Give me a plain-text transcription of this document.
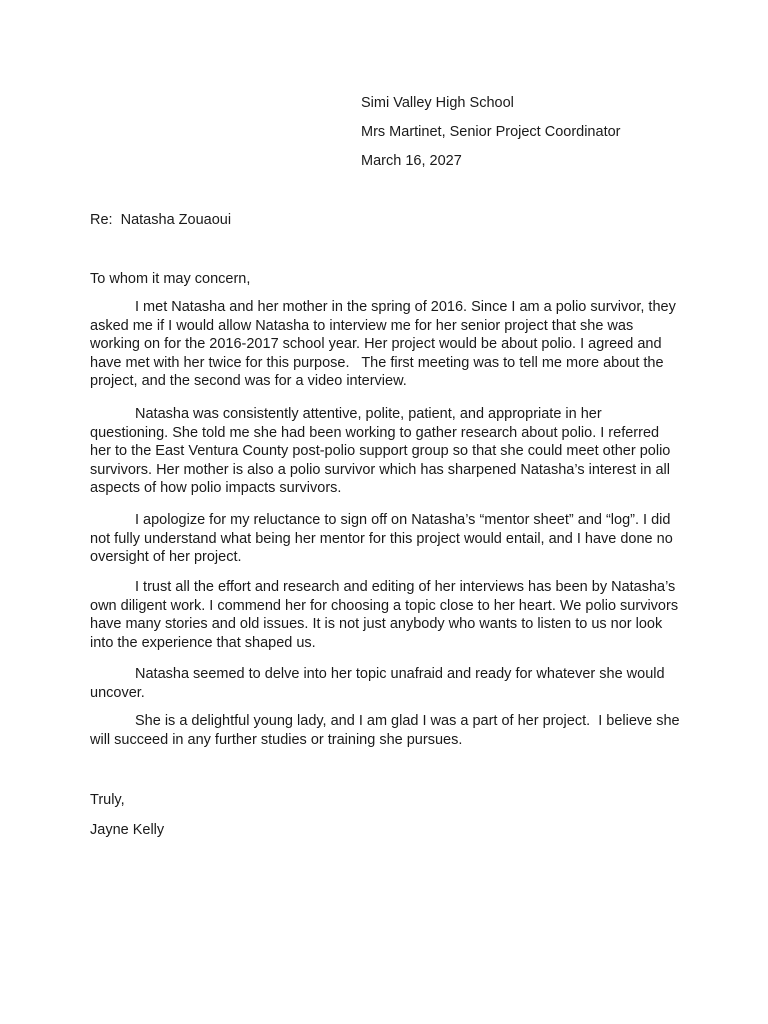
Simi Valley High School
Mrs Martinet, Senior Project Coordinator
March 16, 2027
Re:  Natasha Zouaoui
To whom it may concern,

I met Natasha and her mother in the spring of 2016. Since I am a polio survivor, they asked me if I would allow Natasha to interview me for her senior project that she was working on for the 2016-2017 school year. Her project would be about polio. I agreed and have met with her twice for this purpose.   The first meeting was to tell me more about the project, and the second was for a video interview.

Natasha was consistently attentive, polite, patient, and appropriate in her questioning. She told me she had been working to gather research about polio. I referred her to the East Ventura County post-polio support group so that she could meet other polio survivors. Her mother is also a polio survivor which has sharpened Natasha’s interest in all aspects of how polio impacts survivors.

I apologize for my reluctance to sign off on Natasha’s “mentor sheet” and “log”. I did not fully understand what being her mentor for this project would entail, and I have done no oversight of her project.

I trust all the effort and research and editing of her interviews has been by Natasha’s own diligent work. I commend her for choosing a topic close to her heart. We polio survivors have many stories and old issues. It is not just anybody who wants to listen to us nor look into the experience that shaped us.

Natasha seemed to delve into her topic unafraid and ready for whatever she would uncover.

She is a delightful young lady, and I am glad I was a part of her project.  I believe she will succeed in any further studies or training she pursues.

Truly,
Jayne Kelly
